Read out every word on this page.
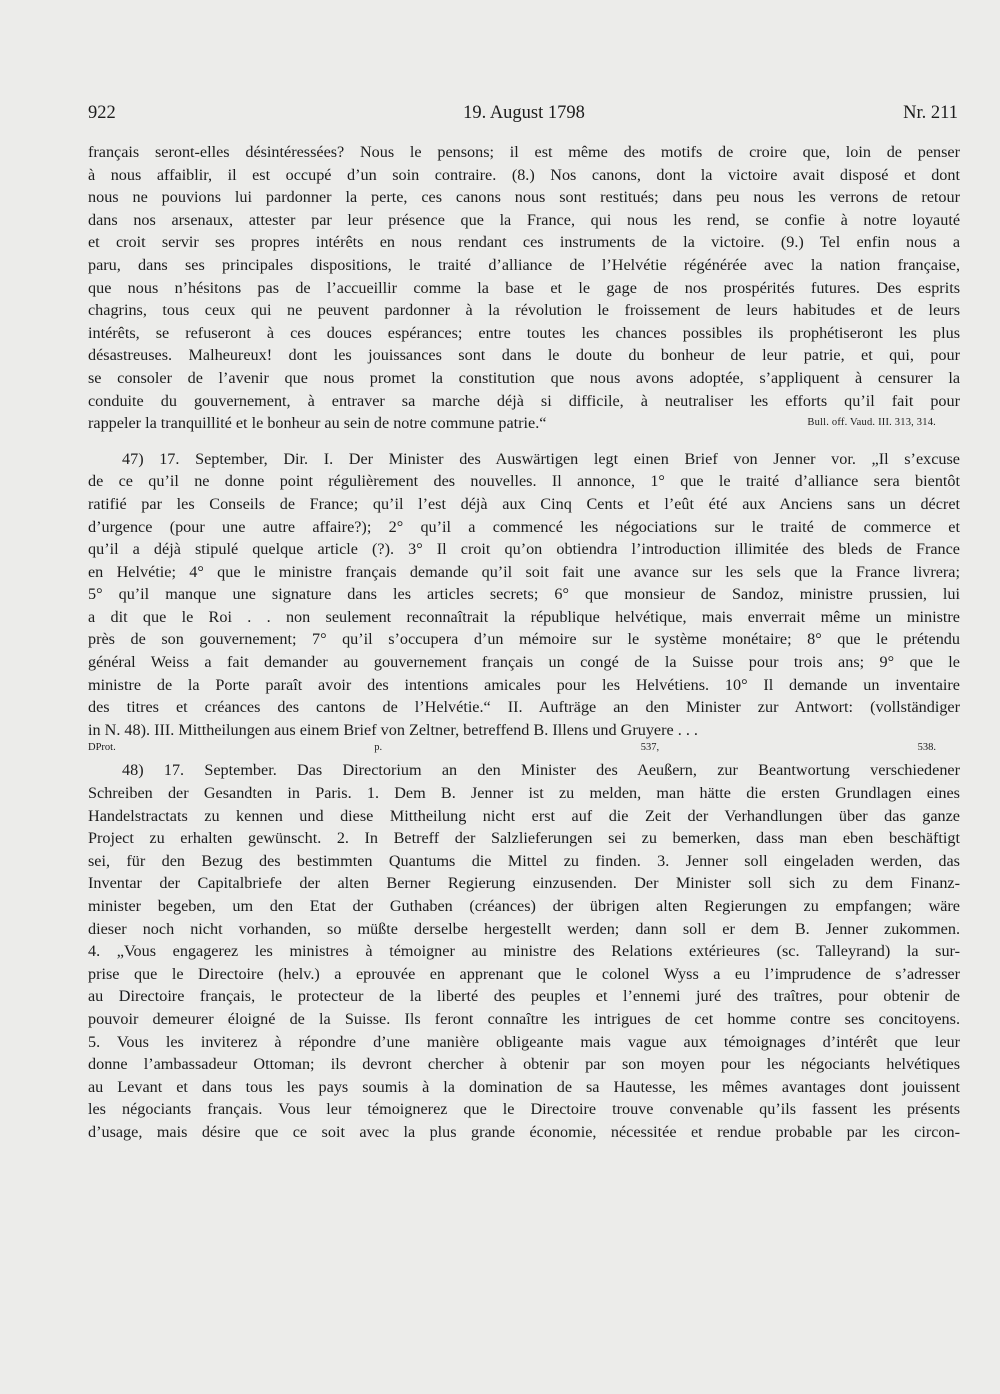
922	19. August 1798	Nr. 211

français seront-elles désintéressées? Nous le pensons; il est même des motifs de croire que, loin de penser
à nous affaiblir, il est occupé d’un soin contraire. (8.) Nos canons, dont la victoire avait disposé et dont
nous ne pouvions lui pardonner la perte, ces canons nous sont restitués; dans peu nous les verrons de retour
dans nos arsenaux, attester par leur présence que la France, qui nous les rend, se confie à notre loyauté
et croit servir ses propres intérêts en nous rendant ces instruments de la victoire. (9.) Tel enfin nous a
paru, dans ses principales dispositions, le traité d’alliance de l’Helvétie régénérée avec la nation française,
que nous n’hésitons pas de l’accueillir comme la base et le gage de nos prospérités futures. Des esprits
chagrins, tous ceux qui ne peuvent pardonner à la révolution le froissement de leurs habitudes et de leurs
intérêts, se refuseront à ces douces espérances; entre toutes les chances possibles ils prophétiseront les plus
désastreuses. Malheureux! dont les jouissances sont dans le doute du bonheur de leur patrie, et qui, pour
se consoler de l’avenir que nous promet la constitution que nous avons adoptée, s’appliquent à censurer la
conduite du gouvernement, à entraver sa marche déjà si difficile, à neutraliser les efforts qu’il fait pour
rappeler la tranquillité et le bonheur au sein de notre commune patrie.“	Bull. off. Vaud. III. 313, 314.

47) 17. September, Dir. I. Der Minister des Auswärtigen legt einen Brief von Jenner vor. „Il s’excuse
de ce qu’il ne donne point régulièrement des nouvelles. Il annonce, 1° que le traité d’alliance sera bientôt
ratifié par les Conseils de France; qu’il l’est déjà aux Cinq Cents et l’eût été aux Anciens sans un décret
d’urgence (pour une autre affaire?); 2° qu’il a commencé les négociations sur le traité de commerce et
qu’il a déjà stipulé quelque article (?). 3° Il croit qu’on obtiendra l’introduction illimitée des bleds de France
en Helvétie; 4° que le ministre français demande qu’il soit fait une avance sur les sels que la France livrera;
5° qu’il manque une signature dans les articles secrets; 6° que monsieur de Sandoz, ministre prussien, lui
a dit que le Roi . . non seulement reconnaîtrait la république helvétique, mais enverrait même un ministre
près de son gouvernement; 7° qu’il s’occupera d’un mémoire sur le système monétaire; 8° que le prétendu
général Weiss a fait demander au gouvernement français un congé de la Suisse pour trois ans; 9° que le
ministre de la Porte paraît avoir des intentions amicales pour les Helvétiens. 10° Il demande un inventaire
des titres et créances des cantons de l’Helvétie.“ II. Aufträge an den Minister zur Antwort: (vollständiger
in N. 48). III. Mittheilungen aus einem Brief von Zeltner, betreffend B. Illens und Gruyere . . .
DProt. p. 537, 538.

48) 17. September. Das Directorium an den Minister des Aeußern, zur Beantwortung verschiedener
Schreiben der Gesandten in Paris. 1. Dem B. Jenner ist zu melden, man hätte die ersten Grundlagen eines
Handelstractats zu kennen und diese Mittheilung nicht erst auf die Zeit der Verhandlungen über das ganze
Project zu erhalten gewünscht. 2. In Betreff der Salzlieferungen sei zu bemerken, dass man eben beschäftigt
sei, für den Bezug des bestimmten Quantums die Mittel zu finden. 3. Jenner soll eingeladen werden, das
Inventar der Capitalbriefe der alten Berner Regierung einzusenden. Der Minister soll sich zu dem Finanz-
minister begeben, um den Etat der Guthaben (créances) der übrigen alten Regierungen zu empfangen; wäre
dieser noch nicht vorhanden, so müßte derselbe hergestellt werden; dann soll er dem B. Jenner zukommen.
4. „Vous engagerez les ministres à témoigner au ministre des Relations extérieures (sc. Talleyrand) la sur-
prise que le Directoire (helv.) a eprouvée en apprenant que le colonel Wyss a eu l’imprudence de s’adresser
au Directoire français, le protecteur de la liberté des peuples et l’ennemi juré des traîtres, pour obtenir de
pouvoir demeurer éloigné de la Suisse. Ils feront connaître les intrigues de cet homme contre ses concitoyens.
5. Vous les inviterez à répondre d’une manière obligeante mais vague aux témoignages d’intérêt que leur
donne l’ambassadeur Ottoman; ils devront chercher à obtenir par son moyen pour les négociants helvétiques
au Levant et dans tous les pays soumis à la domination de sa Hautesse, les mêmes avantages dont jouissent
les négociants français. Vous leur témoignerez que le Directoire trouve convenable qu’ils fassent les présents
d’usage, mais désire que ce soit avec la plus grande économie, nécessitée et rendue probable par les circon-
